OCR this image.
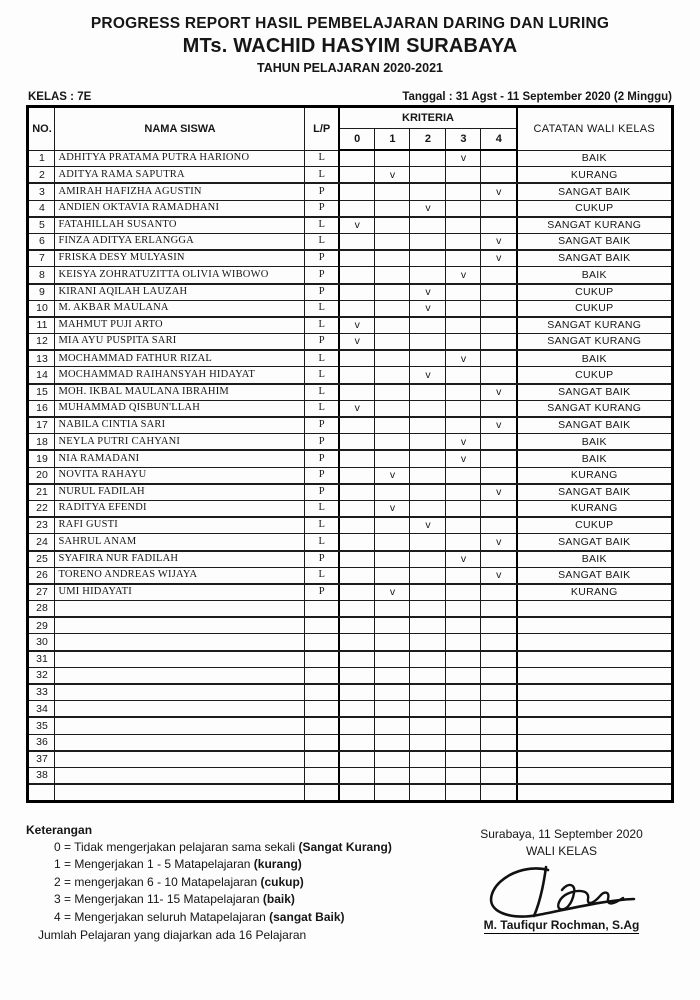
PROGRESS REPORT HASIL PEMBELAJARAN DARING DAN LURING
MTs. WACHID HASYIM SURABAYA
TAHUN PELAJARAN 2020-2021
KELAS : 7E	Tanggal : 31 Agst - 11 September 2020 (2 Minggu)
NO.	NAMA SISWA	L/P	KRITERIA					CATATAN WALI KELAS
			0	1	2	3	4	
1	ADHITYA PRATAMA PUTRA HARIONO	L				v		BAIK
2	ADITYA RAMA SAPUTRA	L		v				KURANG
3	AMIRAH HAFIZHA AGUSTIN	P					v	SANGAT BAIK
4	ANDIEN OKTAVIA RAMADHANI	P			v			CUKUP
5	FATAHILLAH SUSANTO	L	v					SANGAT KURANG
6	FINZA ADITYA ERLANGGA	L					v	SANGAT BAIK
7	FRISKA DESY MULYASIN	P					v	SANGAT BAIK
8	KEISYA ZOHRATUZITTA OLIVIA WIBOWO	P				v		BAIK
9	KIRANI AQILAH LAUZAH	P			v			CUKUP
10	M. AKBAR MAULANA	L			v			CUKUP
11	MAHMUT PUJI ARTO	L	v					SANGAT KURANG
12	MIA AYU PUSPITA SARI	P	v					SANGAT KURANG
13	MOCHAMMAD FATHUR RIZAL	L				v		BAIK
14	MOCHAMMAD RAIHANSYAH HIDAYAT	L			v			CUKUP
15	MOH. IKBAL MAULANA IBRAHIM	L					v	SANGAT BAIK
16	MUHAMMAD QISBUN'LLAH	L	v					SANGAT KURANG
17	NABILA CINTIA SARI	P					v	SANGAT BAIK
18	NEYLA PUTRI CAHYANI	P				v		BAIK
19	NIA RAMADANI	P				v		BAIK
20	NOVITA RAHAYU	P		v				KURANG
21	NURUL FADILAH	P					v	SANGAT BAIK
22	RADITYA EFENDI	L		v				KURANG
23	RAFI GUSTI	L			v			CUKUP
24	SAHRUL ANAM	L					v	SANGAT BAIK
25	SYAFIRA NUR FADILAH	P				v		BAIK
26	TORENO ANDREAS WIJAYA	L					v	SANGAT BAIK
27	UMI HIDAYATI	P		v				KURANG
28								
29								
30								
31								
32								
33								
34								
35								
36								
37								
38								

Keterangan
0 = Tidak mengerjakan pelajaran sama sekali (Sangat Kurang)
1 = Mengerjakan 1 - 5 Matapelajaran (kurang)
2 = mengerjakan 6 - 10 Matapelajaran (cukup)
3 = Mengerjakan 11- 15 Matapelajaran (baik)
4 = Mengerjakan seluruh Matapelajaran (sangat Baik)
Jumlah Pelajaran yang diajarkan ada 16 Pelajaran
Surabaya, 11 September 2020
WALI KELAS
M. Taufiqur Rochman, S.Ag
